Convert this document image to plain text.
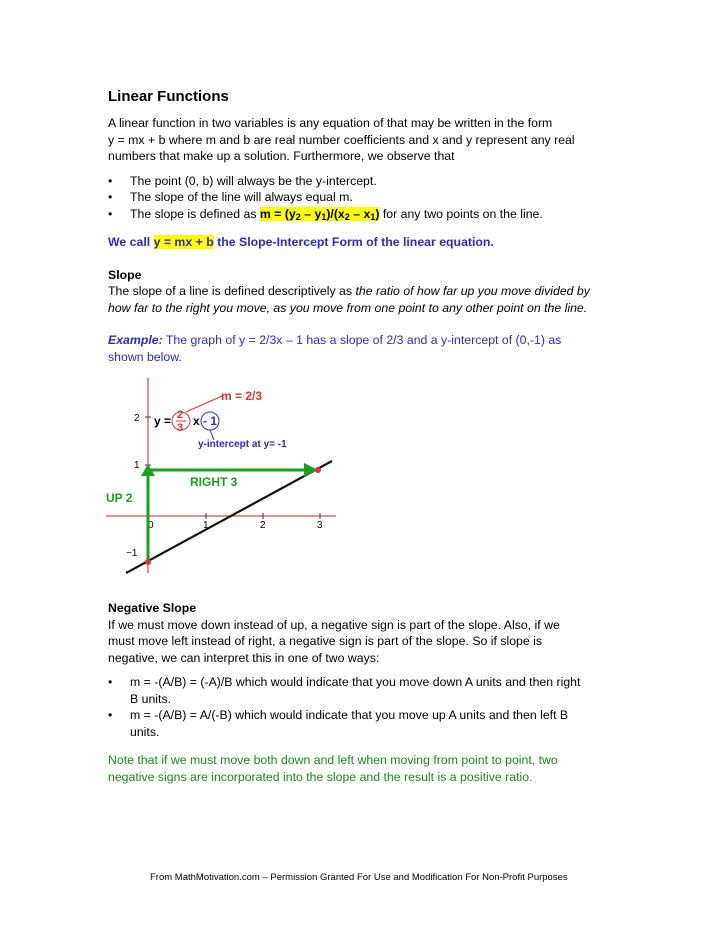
Linear Functions

A linear function in two variables is any equation of that may be written in the form
y = mx + b where m and b are real number coefficients and x and y represent any real
numbers that make up a solution. Furthermore, we observe that

• The point (0, b) will always be the y-intercept.
• The slope of the line will always equal m.
• The slope is defined as $m = (y_2 - y_1)/(x_2 - x_1)$ for any two points on the line.

We call y = mx + b the Slope-Intercept Form of the linear equation.

Slope
The slope of a line is defined descriptively as the ratio of how far up you move divided by
how far to the right you move, as you move from one point to any other point on the line.

Example: The graph of y = 2/3x – 1 has a slope of 2/3 and a y-intercept of (0,-1) as
shown below.

0	1	2	3
2
1
−1
UP 2
RIGHT 3
m = 2/3
y = 2
3 x - 1
y-intercept at y= -1

Negative Slope
If we must move down instead of up, a negative sign is part of the slope. Also, if we
must move left instead of right, a negative sign is part of the slope. So if slope is
negative, we can interpret this in one of two ways:

• m = -(A/B) = (-A)/B which would indicate that you move down A units and then right
B units.
• m = -(A/B) = A/(-B) which would indicate that you move up A units and then left B
units.

Note that if we must move both down and left when moving from point to point, two
negative signs are incorporated into the slope and the result is a positive ratio.

From MathMotivation.com – Permission Granted For Use and Modification For Non-Profit Purposes
